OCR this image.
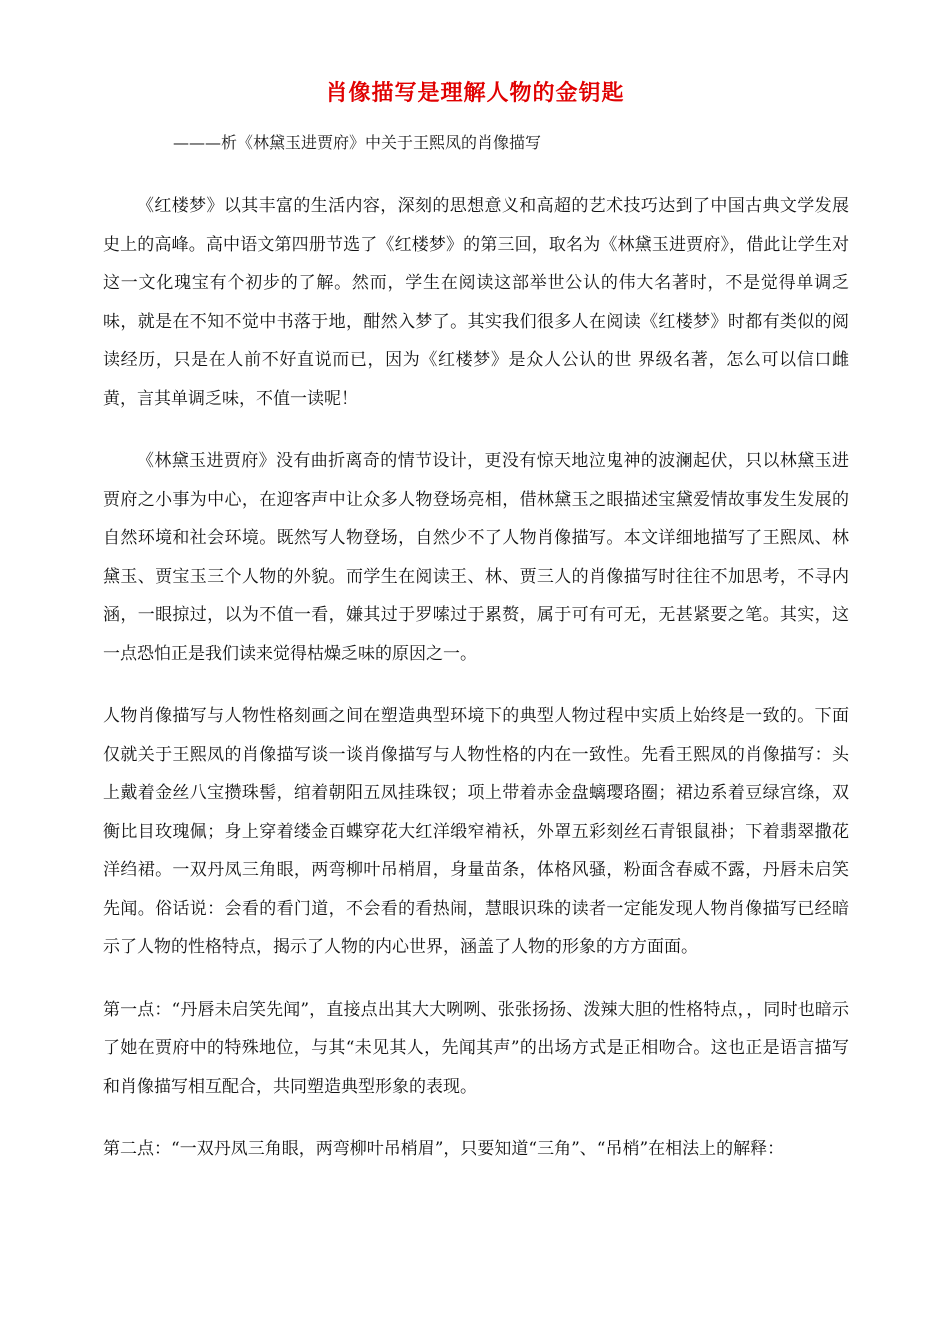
肖像描写是理解人物的金钥匙
———析《林黛玉进贾府》中关于王熙凤的肖像描写

《红楼梦》以其丰富的生活内容，深刻的思想意义和高超的艺术技巧达到了中国古典文学发展史上的高峰。高中语文第四册节选了《红楼梦》的第三回，取名为《林黛玉进贾府》，借此让学生对这一文化瑰宝有个初步的了解。然而，学生在阅读这部举世公认的伟大名著时，不是觉得单调乏味，就是在不知不觉中书落于地，酣然入梦了。其实我们很多人在阅读《红楼梦》时都有类似的阅读经历，只是在人前不好直说而已，因为《红楼梦》是众人公认的世 界级名著，怎么可以信口雌黄，言其单调乏味，不值一读呢！

《林黛玉进贾府》没有曲折离奇的情节设计，更没有惊天地泣鬼神的波澜起伏，只以林黛玉进贾府之小事为中心，在迎客声中让众多人物登场亮相，借林黛玉之眼描述宝黛爱情故事发生发展的自然环境和社会环境。既然写人物登场，自然少不了人物肖像描写。本文详细地描写了王熙凤、林黛玉、贾宝玉三个人物的外貌。而学生在阅读王、林、贾三人的肖像描写时往往不加思考，不寻内涵，一眼掠过，以为不值一看，嫌其过于罗嗦过于累赘，属于可有可无，无甚紧要之笔。其实，这一点恐怕正是我们读来觉得枯燥乏味的原因之一。

人物肖像描写与人物性格刻画之间在塑造典型环境下的典型人物过程中实质上始终是一致的。下面仅就关于王熙凤的肖像描写谈一谈肖像描写与人物性格的内在一致性。先看王熙凤的肖像描写：头上戴着金丝八宝攒珠髻，绾着朝阳五凤挂珠钗；项上带着赤金盘螭璎珞圈；裙边系着豆绿宫绦，双衡比目玫瑰佩；身上穿着缕金百蝶穿花大红洋缎窄褃袄，外罩五彩刻丝石青银鼠褂；下着翡翠撒花洋绉裙。一双丹凤三角眼，两弯柳叶吊梢眉，身量苗条，体格风骚，粉面含春威不露，丹唇未启笑先闻。俗话说：会看的看门道，不会看的看热闹，慧眼识珠的读者一定能发现人物肖像描写已经暗示了人物的性格特点，揭示了人物的内心世界，涵盖了人物的形象的方方面面。

第一点：“丹唇未启笑先闻”，直接点出其大大咧咧、张张扬扬、泼辣大胆的性格特点，，同时也暗示了她在贾府中的特殊地位，与其“未见其人，先闻其声”的出场方式是正相吻合。这也正是语言描写和肖像描写相互配合，共同塑造典型形象的表现。

第二点：“一双丹凤三角眼，两弯柳叶吊梢眉”，只要知道“三角”、“吊梢”在相法上的解释：
